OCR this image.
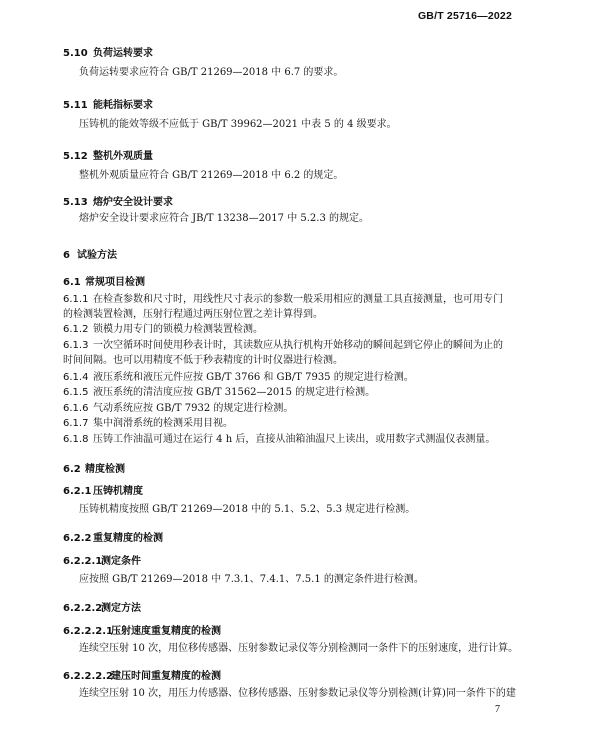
GB/T 25716—2022
5.10 负荷运转要求
负荷运转要求应符合 GB/T 21269—2018 中 6.7 的要求。
5.11 能耗指标要求
压铸机的能效等级不应低于 GB/T 39962—2021 中表 5 的 4 级要求。
5.12 整机外观质量
整机外观质量应符合 GB/T 21269—2018 中 6.2 的规定。
5.13 熔炉安全设计要求
熔炉安全设计要求应符合 JB/T 13238—2017 中 5.2.3 的规定。
6 试验方法
6.1 常规项目检测
6.1.1 在检查参数和尺寸时，用线性尺寸表示的参数一般采用相应的测量工具直接测量，也可用专门
的检测装置检测，压射行程通过两压射位置之差计算得到。
6.1.2 锁模力用专门的锁模力检测装置检测。
6.1.3 一次空循环时间使用秒表计时，其读数应从执行机构开始移动的瞬间起到它停止的瞬间为止的
时间间隔。也可以用精度不低于秒表精度的计时仪器进行检测。
6.1.4 液压系统和液压元件应按 GB/T 3766 和 GB/T 7935 的规定进行检测。
6.1.5 液压系统的清洁度应按 GB/T 31562—2015 的规定进行检测。
6.1.6 气动系统应按 GB/T 7932 的规定进行检测。
6.1.7 集中润滑系统的检测采用目视。
6.1.8 压铸工作油温可通过在运行 4 h 后，直接从油箱油温尺上读出，或用数字式测温仪表测量。
6.2 精度检测
6.2.1 压铸机精度
压铸机精度按照 GB/T 21269—2018 中的 5.1、5.2、5.3 规定进行检测。
6.2.2 重复精度的检测
6.2.2.1测定条件
应按照 GB/T 21269—2018 中 7.3.1、7.4.1、7.5.1 的测定条件进行检测。
6.2.2.2测定方法
6.2.2.2.1压射速度重复精度的检测
连续空压射 10 次，用位移传感器、压射参数记录仪等分别检测同一条件下的压射速度，进行计算。
6.2.2.2.2建压时间重复精度的检测
连续空压射 10 次，用压力传感器、位移传感器、压射参数记录仪等分别检测(计算)同一条件下的建
7
